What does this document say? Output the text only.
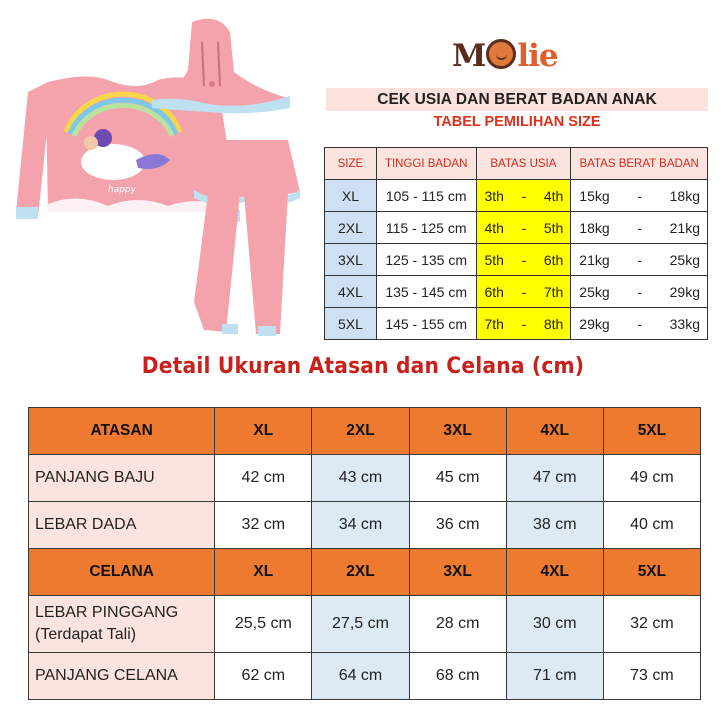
happy
M lie
CEK USIA DAN BERAT BADAN ANAK
TABEL PEMILIHAN SIZE
SIZE	TINGGI BADAN	BATAS USIA	BATAS BERAT BADAN
XL	105 - 115 cm	3th - 4th	15kg - 18kg

2XL	115 - 125 cm	4th - 5th	18kg - 21kg

3XL	125 - 135 cm	5th - 6th	21kg - 25kg

4XL	135 - 145 cm	6th - 7th	25kg - 29kg

5XL	145 - 155 cm	7th - 8th	29kg - 33kg
Detail Ukuran Atasan dan Celana (cm)
ATASAN	XL	2XL	3XL	4XL	5XL
PANJANG BAJU	42 cm	43 cm	45 cm	47 cm	49 cm
LEBAR DADA	32 cm	34 cm	36 cm	38 cm	40 cm
CELANA	XL	2XL	3XL	4XL	5XL

LEBAR PINGGANG
(Terdapat Tali)	25,5 cm	27,5 cm	28 cm	30 cm	32 cm
PANJANG CELANA	62 cm	64 cm	68 cm	71 cm	73 cm
